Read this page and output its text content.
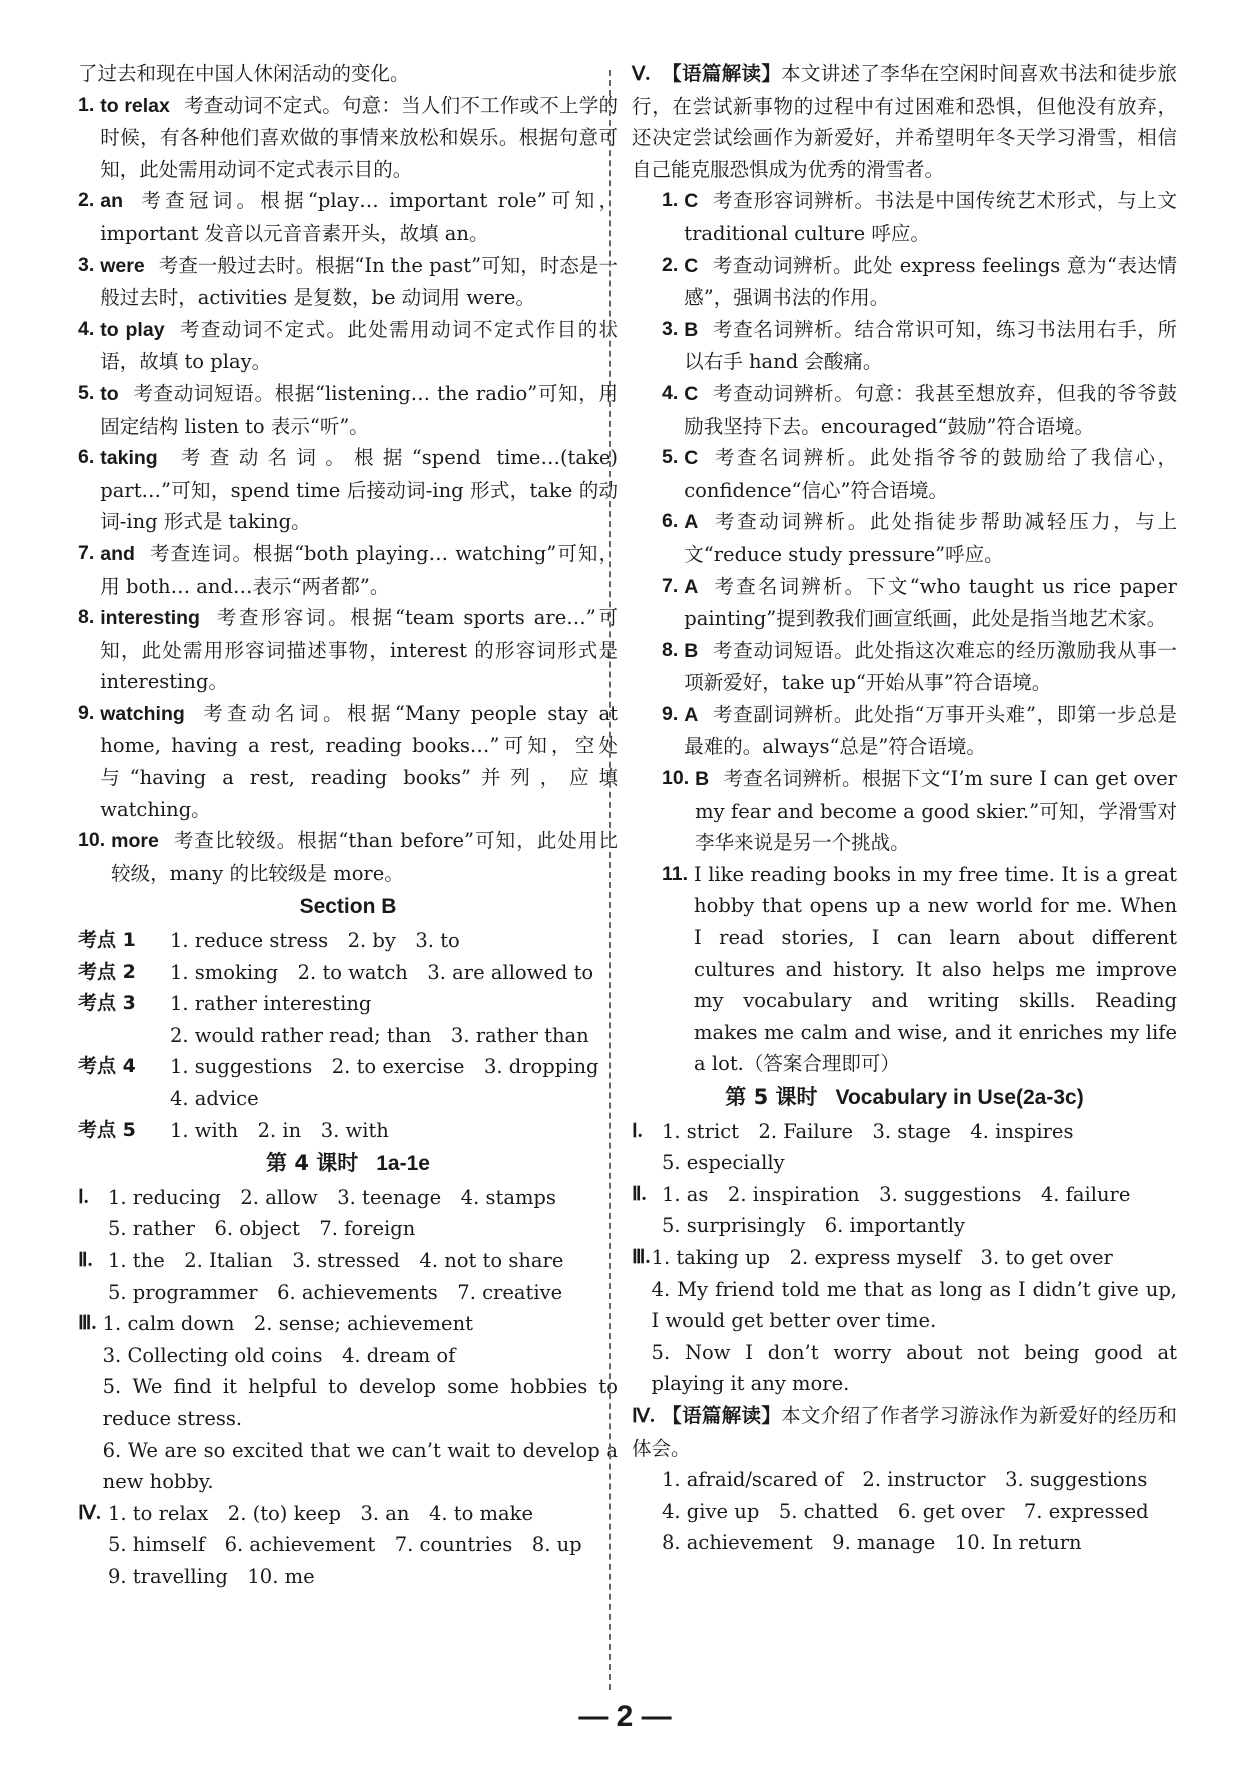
了过去和现在中国人休闲活动的变化。

1. to relax 考查动词不定式。句意：当人们不工作或不上学的时候，有各种他们喜欢做的事情来放松和娱乐。根据句意可知，此处需用动词不定式表示目的。
2. an 考查冠词。根据“play… important role”可知，important 发音以元音音素开头，故填 an。
3. were 考查一般过去时。根据“In the past”可知，时态是一般过去时，activities 是复数，be 动词用 were。
4. to play 考查动词不定式。此处需用动词不定式作目的状语，故填 to play。
5. to 考查动词短语。根据“listening… the radio”可知，用固定结构 listen to 表示“听”。
6. taking 考查动名词。根据“spend time…(take) part…”可知，spend time 后接动词-ing 形式，take 的动词-ing 形式是 taking。
7. and 考查连词。根据“both playing… watching”可知，用 both… and…表示“两者都”。
8. interesting 考查形容词。根据“team sports are…”可知，此处需用形容词描述事物，interest 的形容词形式是 interesting。
9. watching 考查动名词。根据“Many people stay at home, having a rest, reading books…”可知，空处与“having a rest, reading books”并列，应填 watching。
10. more 考查比较级。根据“than before”可知，此处用比较级，many 的比较级是 more。
Section B
考点 1	1. reduce stress　2. by　3. to
考点 2	1. smoking　2. to watch　3. are allowed to
考点 3	1. rather interesting
2. would rather read; than　3. rather than
考点 4	1. suggestions　2. to exercise　3. dropping
4. advice
考点 5	1. with　2. in　3. with
第 4 课时 1a-1e
Ⅰ. 1. reducing　2. allow　3. teenage　4. stamps
5. rather　6. object　7. foreign
Ⅱ. 1. the　2. Italian　3. stressed　4. not to share
5. programmer　6. achievements　7. creative
Ⅲ. 1. calm down　2. sense; achievement
3. Collecting old coins　4. dream of
5. We find it helpful to develop some hobbies to reduce stress.
6. We are so excited that we can’t wait to develop a new hobby.
Ⅳ. 1. to relax　2. (to) keep　3. an　4. to make
5. himself　6. achievement　7. countries　8. up
9. travelling　10. me

Ⅴ. 【语篇解读】本文讲述了李华在空闲时间喜欢书法和徒步旅行，在尝试新事物的过程中有过困难和恐惧，但他没有放弃，还决定尝试绘画作为新爱好，并希望明年冬天学习滑雪，相信自己能克服恐惧成为优秀的滑雪者。

1. C 考查形容词辨析。书法是中国传统艺术形式，与上文 traditional culture 呼应。
2. C 考查动词辨析。此处 express feelings 意为“表达情感”，强调书法的作用。
3. B 考查名词辨析。结合常识可知，练习书法用右手，所以右手 hand 会酸痛。
4. C 考查动词辨析。句意：我甚至想放弃，但我的爷爷鼓励我坚持下去。encouraged“鼓励”符合语境。
5. C 考查名词辨析。此处指爷爷的鼓励给了我信心，confidence“信心”符合语境。
6. A 考查动词辨析。此处指徒步帮助减轻压力，与上文“reduce study pressure”呼应。
7. A 考查名词辨析。下文“who taught us rice paper painting”提到教我们画宣纸画，此处是指当地艺术家。
8. B 考查动词短语。此处指这次难忘的经历激励我从事一项新爱好，take up“开始从事”符合语境。
9. A 考查副词辨析。此处指“万事开头难”，即第一步总是最难的。always“总是”符合语境。
10. B 考查名词辨析。根据下文“I’m sure I can get over my fear and become a good skier.”可知，学滑雪对李华来说是另一个挑战。
11. I like reading books in my free time. It is a great hobby that opens up a new world for me. When I read stories, I can learn about different cultures and history. It also helps me improve my vocabulary and writing skills. Reading makes me calm and wise, and it enriches my life a lot.（答案合理即可）
第 5 课时 Vocabulary in Use(2a-3c)
Ⅰ. 1. strict　2. Failure　3. stage　4. inspires
5. especially
Ⅱ. 1. as　2. inspiration　3. suggestions　4. failure
5. surprisingly　6. importantly
Ⅲ. 1. taking up　2. express myself　3. to get over
4. My friend told me that as long as I didn’t give up, I would get better over time.
5. Now I don’t worry about not being good at playing it any more.

Ⅳ. 【语篇解读】本文介绍了作者学习游泳作为新爱好的经历和体会。

1. afraid/scared of　2. instructor　3. suggestions
4. give up　5. chatted　6. get over　7. expressed
8. achievement　9. manage　10. In return
— 2 —
